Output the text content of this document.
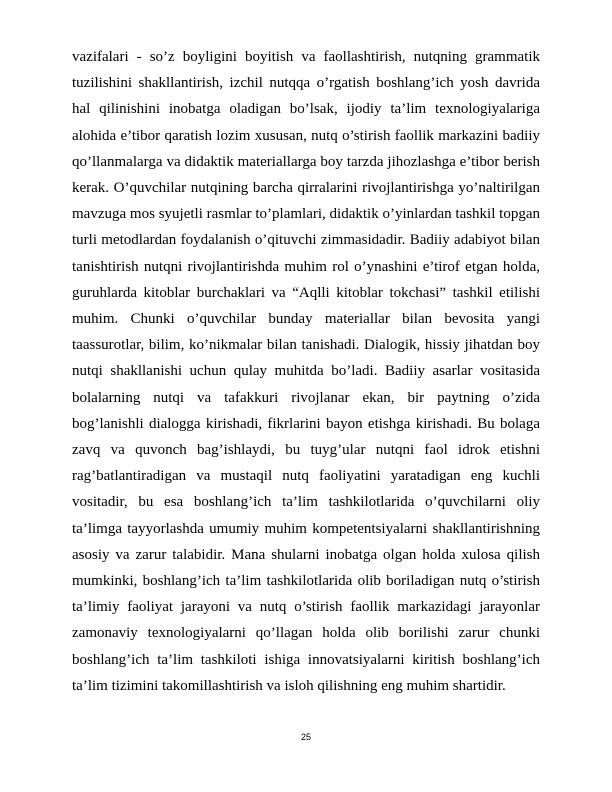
vazifalari - so’z boyligini boyitish va faollashtirish, nutqning grammatik tuzilishini shakllantirish, izchil nutqqa o’rgatish boshlang’ich yosh davrida hal qilinishini inobatga oladigan bo’lsak, ijodiy ta’lim texnologiyalariga alohida e’tibor qaratish lozim xususan, nutq o’stirish faollik markazini badiiy qo’llanmalarga va didaktik materiallarga boy tarzda jihozlashga e’tibor berish kerak. O’quvchilar nutqining barcha qirralarini rivojlantirishga yo’naltirilgan mavzuga mos syujetli rasmlar to’plamlari, didaktik o’yinlardan tashkil topgan turli metodlardan foydalanish o’qituvchi zimmasidadir. Badiiy adabiyot bilan tanishtirish nutqni rivojlantirishda muhim rol o’ynashini e’tirof etgan holda, guruhlarda kitoblar burchaklari va “Aqlli kitoblar tokchasi” tashkil etilishi muhim. Chunki o’quvchilar bunday materiallar bilan bevosita yangi taassurotlar, bilim, ko’nikmalar bilan tanishadi. Dialogik, hissiy jihatdan boy nutqi shakllanishi uchun qulay muhitda bo’ladi. Badiiy asarlar vositasida bolalarning nutqi va tafakkuri rivojlanar ekan, bir paytning o’zida bog’lanishli dialogga kirishadi, fikrlarini bayon etishga kirishadi. Bu bolaga zavq va quvonch bag’ishlaydi, bu tuyg’ular nutqni faol idrok etishni rag’batlantiradigan va mustaqil nutq faoliyatini yaratadigan eng kuchli vositadir, bu esa boshlang’ich ta’lim tashkilotlarida o’quvchilarni oliy ta’limga tayyorlashda umumiy muhim kompetentsiyalarni shakllantirishning asosiy va zarur talabidir. Mana shularni inobatga olgan holda xulosa qilish mumkinki, boshlang’ich ta’lim tashkilotlarida olib boriladigan nutq o’stirish ta’limiy faoliyat jarayoni va nutq o’stirish faollik markazidagi jarayonlar zamonaviy texnologiyalarni qo’llagan holda olib borilishi zarur chunki boshlang’ich ta’lim tashkiloti ishiga innovatsiyalarni kiritish boshlang’ich ta’lim tizimini takomillashtirish va isloh qilishning eng muhim shartidir.

25
